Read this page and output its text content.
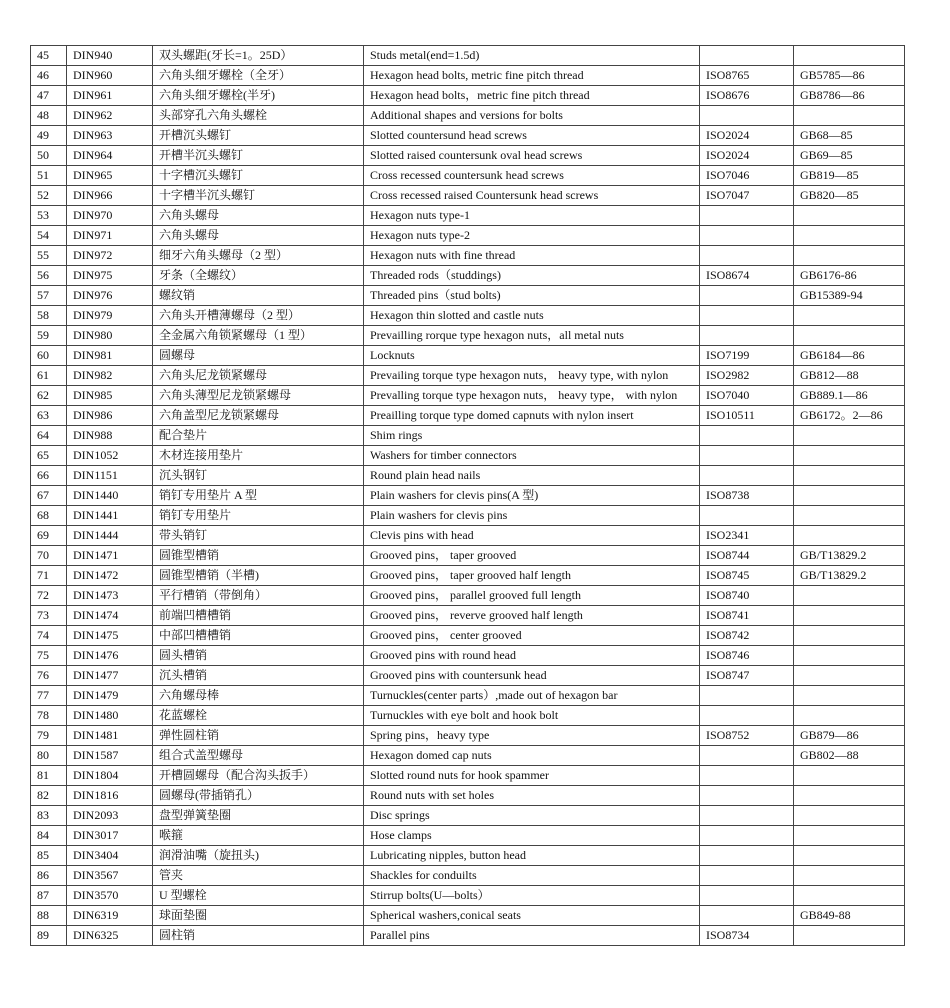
45	DIN940	双头螺距(牙长=1。25D）	Studs metal(end=1.5d)		
46	DIN960	六角头细牙螺栓（全牙）	Hexagon head bolts, metric fine pitch thread	ISO8765	GB5785—86
47	DIN961	六角头细牙螺栓(半牙)	Hexagon head bolts，metric fine pitch thread	ISO8676	GB8786—86
48	DIN962	头部穿孔六角头螺栓	Additional shapes and versions for bolts		
49	DIN963	开槽沉头螺钉	Slotted countersund head screws	ISO2024	GB68—85
50	DIN964	开槽半沉头螺钉	Slotted raised countersunk oval head screws	ISO2024	GB69—85
51	DIN965	十字槽沉头螺钉	Cross recessed countersunk head screws	ISO7046	GB819—85
52	DIN966	十字槽半沉头螺钉	Cross recessed raised Countersunk head screws	ISO7047	GB820—85
53	DIN970	六角头螺母	Hexagon nuts type-1		
54	DIN971	六角头螺母	Hexagon nuts type-2		
55	DIN972	细牙六角头螺母（2 型）	Hexagon nuts with fine thread		
56	DIN975	牙条（全螺纹）	Threaded rods（studdings)	ISO8674	GB6176-86
57	DIN976	螺纹销	Threaded pins（stud bolts)		GB15389-94
58	DIN979	六角头开槽薄螺母（2 型）	Hexagon thin slotted and castle nuts		
59	DIN980	全金属六角锁紧螺母（1 型）	Prevailling rorque type hexagon nuts，all metal nuts		
60	DIN981	圆螺母	Locknuts	ISO7199	GB6184—86
61	DIN982	六角头尼龙锁紧螺母	Prevailing torque type hexagon nuts， heavy type, with nylon	ISO2982	GB812—88
62	DIN985	六角头薄型尼龙锁紧螺母	Prevalling torque type hexagon nuts， heavy type， with nylon	ISO7040	GB889.1—86
63	DIN986	六角盖型尼龙锁紧螺母	Preailling torque type domed capnuts with nylon insert	ISO10511	GB6172。2—86
64	DIN988	配合垫片	Shim rings		
65	DIN1052	木材连接用垫片	Washers for timber connectors		
66	DIN1151	沉头钢钉	Round plain head nails		
67	DIN1440	销钉专用垫片 A 型	Plain washers for clevis pins(A 型)	ISO8738	
68	DIN1441	销钉专用垫片	Plain washers for clevis pins		
69	DIN1444	带头销钉	Clevis pins with head	ISO2341	
70	DIN1471	圆锥型槽销	Grooved pins， taper grooved	ISO8744	GB/T13829.2
71	DIN1472	圆锥型槽销（半槽)	Grooved pins， taper grooved half length	ISO8745	GB/T13829.2
72	DIN1473	平行槽销（带倒角）	Grooved pins， parallel grooved full length	ISO8740	
73	DIN1474	前端凹槽槽销	Grooved pins， reverve grooved half length	ISO8741	
74	DIN1475	中部凹槽槽销	Grooved pins， center grooved	ISO8742	
75	DIN1476	圆头槽销	Grooved pins with round head	ISO8746	
76	DIN1477	沉头槽销	Grooved pins with countersunk head	ISO8747	
77	DIN1479	六角螺母棒	Turnuckles(center parts）,made out of hexagon bar		
78	DIN1480	花蓝螺栓	Turnuckles with eye bolt and hook bolt		
79	DIN1481	弹性圆柱销	Spring pins，heavy type	ISO8752	GB879—86
80	DIN1587	组合式盖型螺母	Hexagon domed cap nuts		GB802—88
81	DIN1804	开槽圆螺母（配合沟头扳手）	Slotted round nuts for hook spammer		
82	DIN1816	圆螺母(带插销孔）	Round nuts with set holes		
83	DIN2093	盘型弹簧垫圈	Disc springs		
84	DIN3017	喉箍	Hose clamps		
85	DIN3404	润滑油嘴（旋扭头)	Lubricating nipples, button head		
86	DIN3567	管夹	Shackles for conduilts		
87	DIN3570	U 型螺栓	Stirrup bolts(U—bolts）		
88	DIN6319	球面垫圈	Spherical washers,conical seats		GB849-88
89	DIN6325	圆柱销	Parallel pins	ISO8734	
